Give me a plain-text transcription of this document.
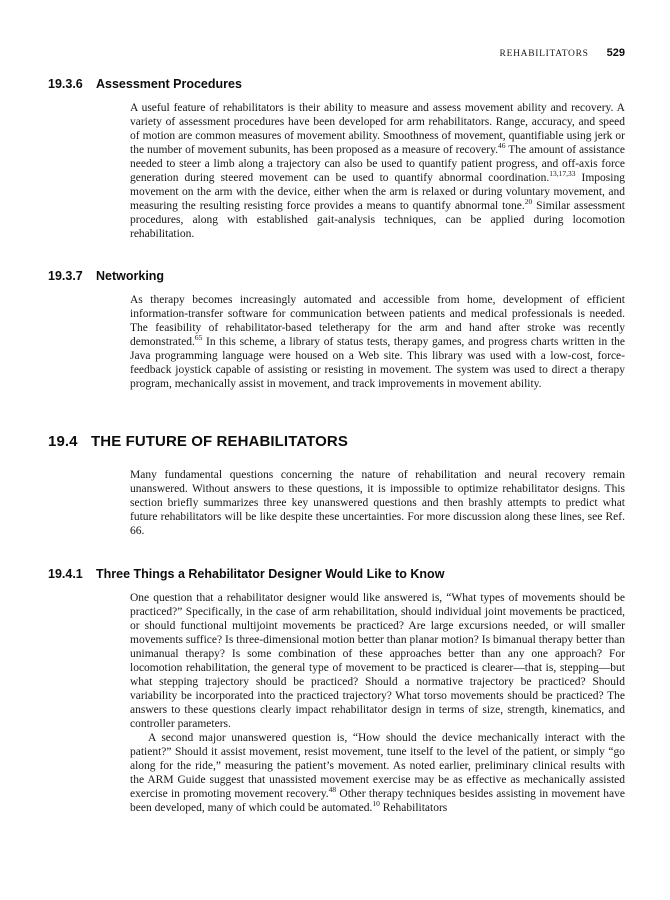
REHABILITATORS 529
19.3.6	Assessment Procedures

A useful feature of rehabilitators is their ability to measure and assess movement ability and recovery. A variety of assessment procedures have been developed for arm rehabilitators. Range, accuracy, and speed of motion are common measures of movement ability. Smoothness of movement, quantifiable using jerk or the number of movement subunits, has been proposed as a measure of recovery.$^{46}$ The amount of assistance needed to steer a limb along a trajectory can also be used to quantify patient progress, and off-axis force generation during steered movement can be used to quantify abnormal coordination.$^{13,17,33}$ Imposing movement on the arm with the device, either when the arm is relaxed or during voluntary movement, and measuring the resulting resisting force provides a means to quantify abnormal tone.$^{20}$ Similar assessment procedures, along with established gait-analysis techniques, can be applied during locomotion rehabilitation.

19.3.7	Networking

As therapy becomes increasingly automated and accessible from home, development of efficient information-transfer software for communication between patients and medical professionals is needed. The feasibility of rehabilitator-based teletherapy for the arm and hand after stroke was recently demonstrated.$^{65}$ In this scheme, a library of status tests, therapy games, and progress charts written in the Java programming language were housed on a Web site. This library was used with a low-cost, force-feedback joystick capable of assisting or resisting in movement. The system was used to direct a therapy program, mechanically assist in movement, and track improvements in movement ability.

19.4 THE FUTURE OF REHABILITATORS

Many fundamental questions concerning the nature of rehabilitation and neural recovery remain unanswered. Without answers to these questions, it is impossible to optimize rehabilitator designs. This section briefly summarizes three key unanswered questions and then brashly attempts to predict what future rehabilitators will be like despite these uncertainties. For more discussion along these lines, see Ref. 66.

19.4.1	Three Things a Rehabilitator Designer Would Like to Know

One question that a rehabilitator designer would like answered is, “What types of movements should be practiced?” Specifically, in the case of arm rehabilitation, should individual joint movements be practiced, or should functional multijoint movements be practiced? Are large excursions needed, or will smaller movements suffice? Is three-dimensional motion better than planar motion? Is bimanual therapy better than unimanual therapy? Is some combination of these approaches better than any one approach? For locomotion rehabilitation, the general type of movement to be practiced is clearer—that is, stepping—but what stepping trajectory should be practiced? Should a normative trajectory be practiced? Should variability be incorporated into the practiced trajectory? What torso movements should be practiced? The answers to these questions clearly impact rehabilitator design in terms of size, strength, kinematics, and controller parameters.

A second major unanswered question is, “How should the device mechanically interact with the patient?” Should it assist movement, resist movement, tune itself to the level of the patient, or simply “go along for the ride,” measuring the patient’s movement. As noted earlier, preliminary clinical results with the ARM Guide suggest that unassisted movement exercise may be as effective as mechanically assisted exercise in promoting movement recovery.$^{48}$ Other therapy techniques besides assisting in movement have been developed, many of which could be automated.$^{10}$ Rehabilitators
